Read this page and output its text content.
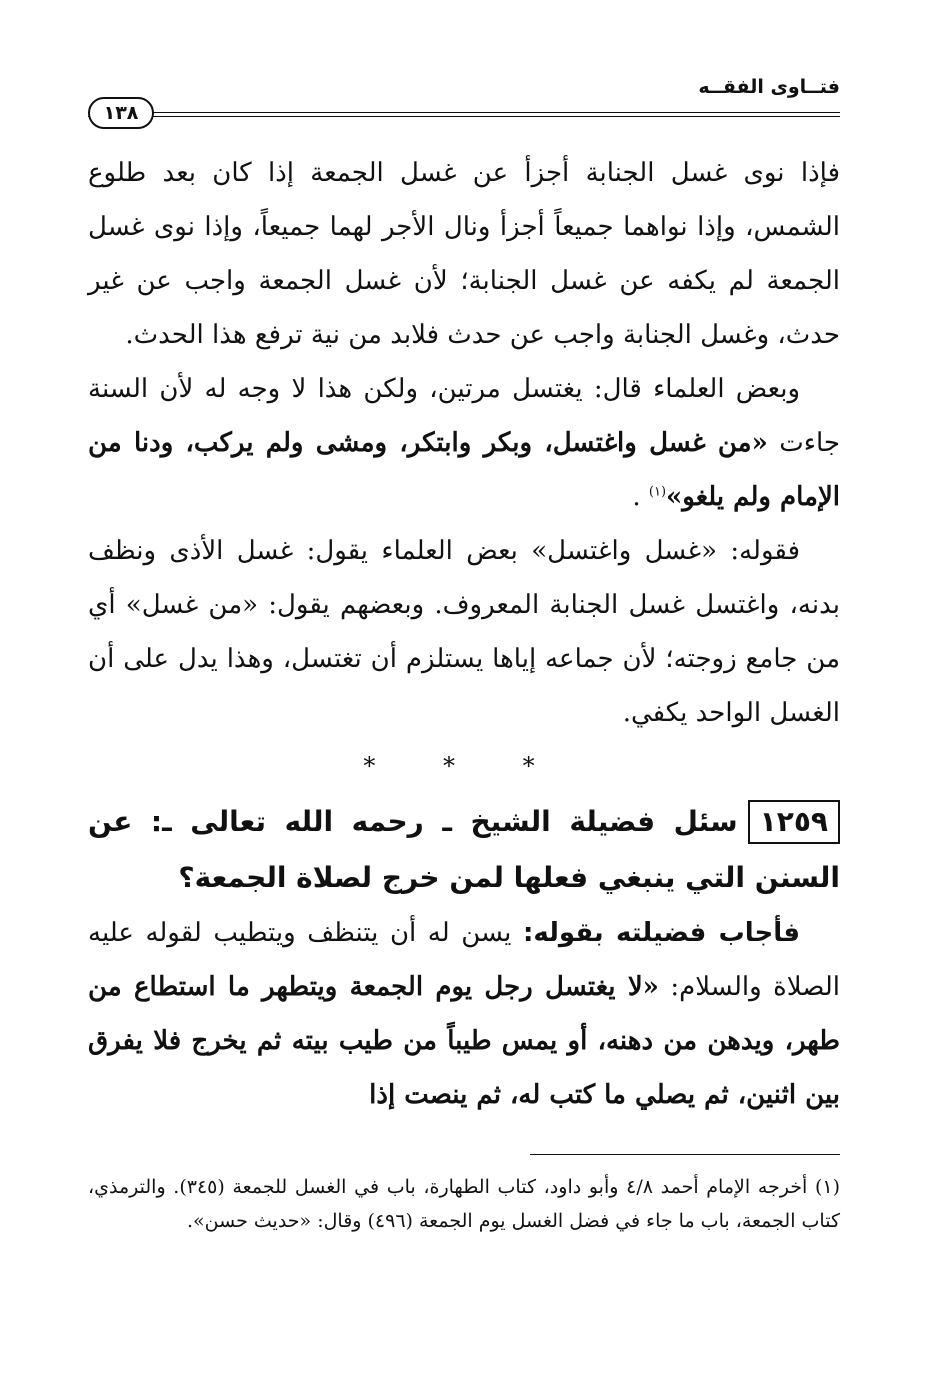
فتــاوى الفقــه
١٣٨

فإذا نوى غسل الجنابة أجزأ عن غسل الجمعة إذا كان بعد طلوع الشمس، وإذا نواهما جميعاً أجزأ ونال الأجر لهما جميعاً، وإذا نوى غسل الجمعة لم يكفه عن غسل الجنابة؛ لأن غسل الجمعة واجب عن غير حدث، وغسل الجنابة واجب عن حدث فلابد من نية ترفع هذا الحدث.

وبعض العلماء قال: يغتسل مرتين، ولكن هذا لا وجه له لأن السنة جاءت «من غسل واغتسل، وبكر وابتكر، ومشى ولم يركب، ودنا من الإمام ولم يلغو»$^{(١)}$ .

فقوله: «غسل واغتسل» بعض العلماء يقول: غسل الأذى ونظف بدنه، واغتسل غسل الجنابة المعروف. وبعضهم يقول: «من غسل» أي من جامع زوجته؛ لأن جماعه إياها يستلزم أن تغتسل، وهذا يدل على أن الغسل الواحد يكفي.

* * *

١٢٥٩سئل فضيلة الشيخ ـ رحمه الله تعالى ـ: عن السنن التي ينبغي فعلها لمن خرج لصلاة الجمعة؟

فأجاب فضيلته بقوله: يسن له أن يتنظف ويتطيب لقوله عليه الصلاة والسلام: «لا يغتسل رجل يوم الجمعة ويتطهر ما استطاع من طهر، ويدهن من دهنه، أو يمس طيباً من طيب بيته ثم يخرج فلا يفرق بين اثنين، ثم يصلي ما كتب له، ثم ينصت إذا

(١) أخرجه الإمام أحمد ٤/٨ وأبو داود، كتاب الطهارة، باب في الغسل للجمعة (٣٤٥). والترمذي، كتاب الجمعة، باب ما جاء في فضل الغسل يوم الجمعة (٤٩٦) وقال: «حديث حسن».
